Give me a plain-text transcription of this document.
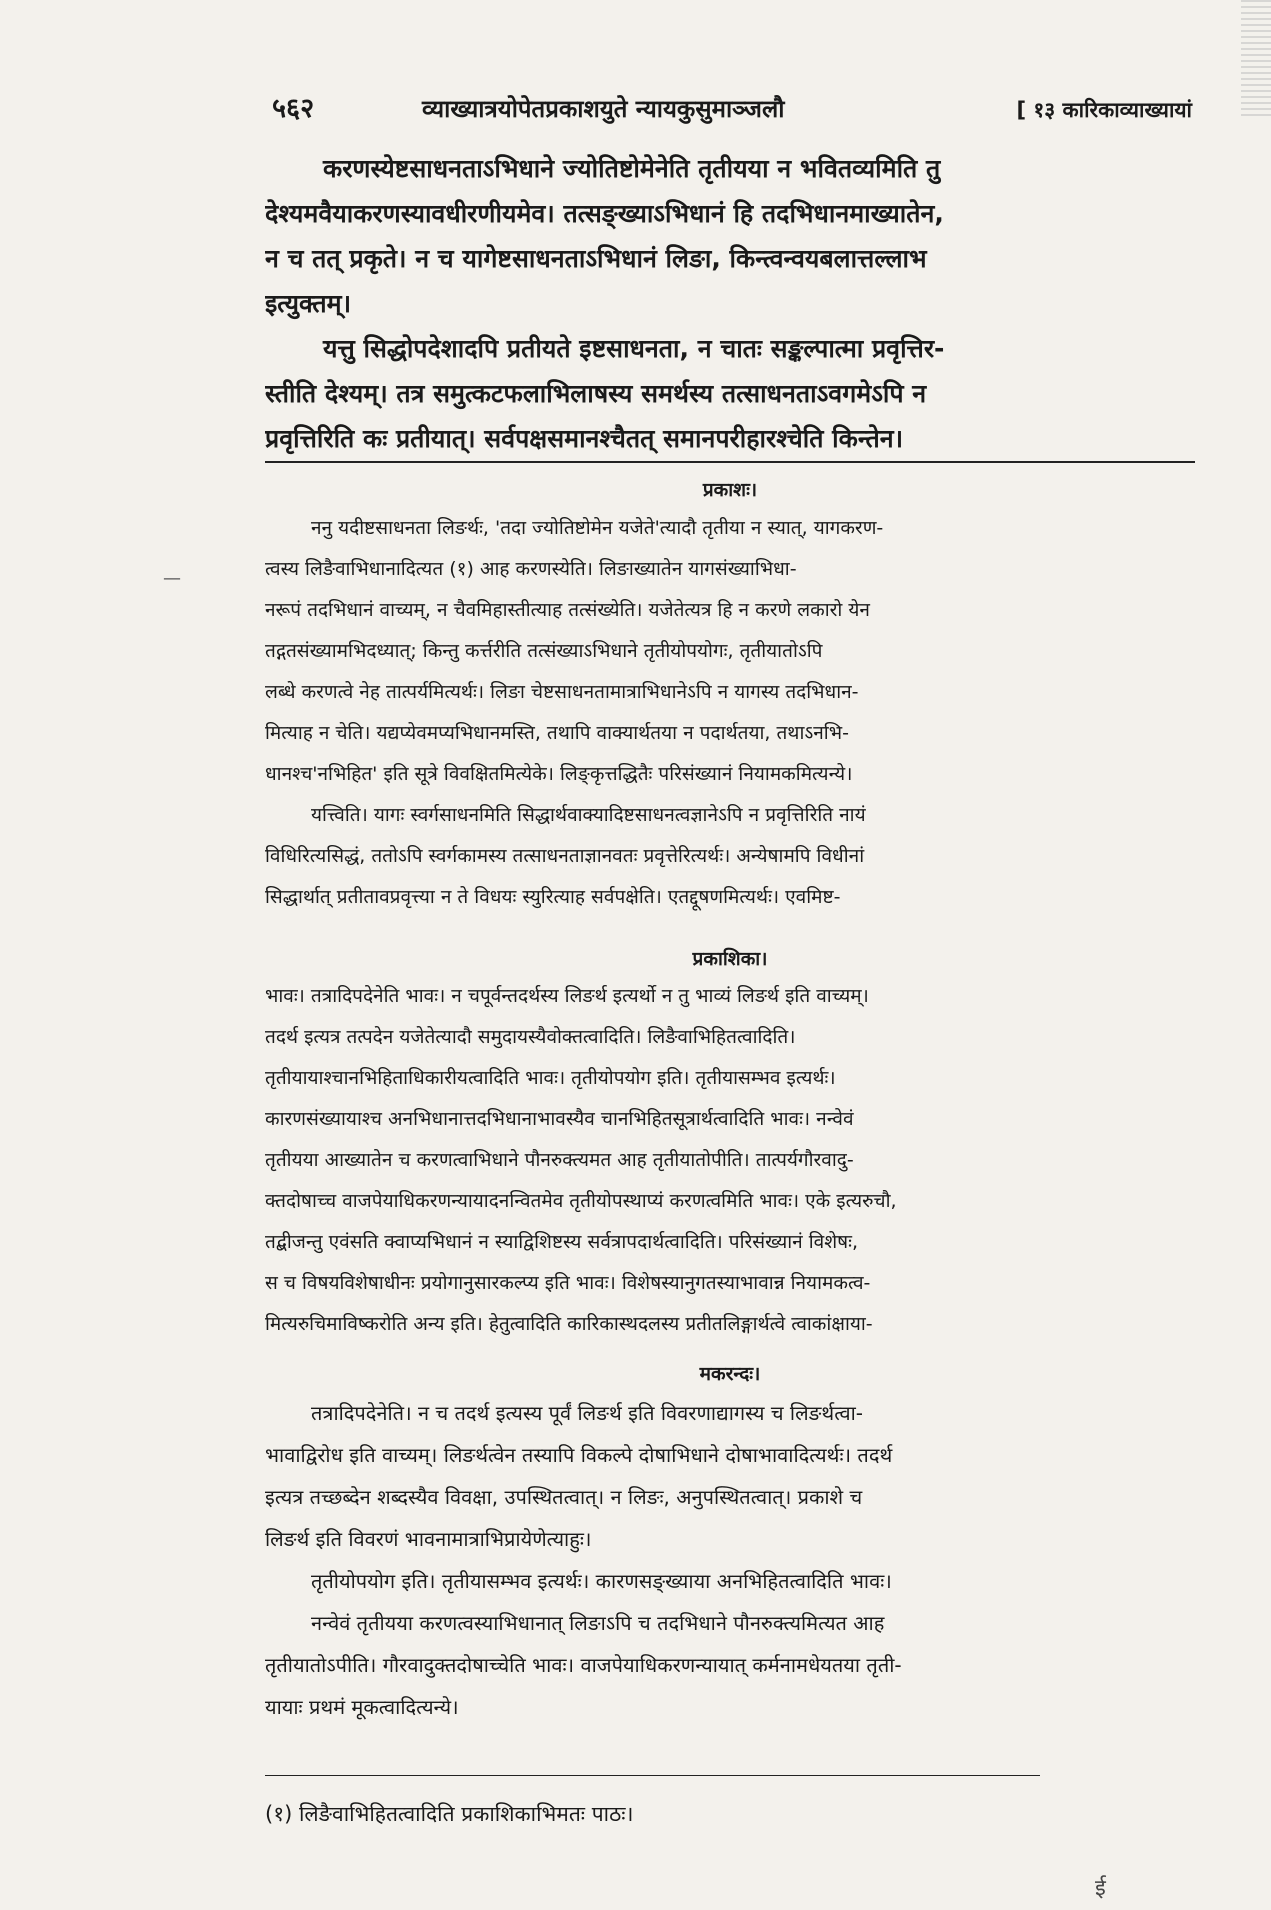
५६२	व्याख्यात्रयोपेतप्रकाशयुते न्यायकुसुमाञ्जलौ	[ १३ कारिकाव्याख्यायां
करणस्येष्टसाधनताऽभिधाने ज्योतिष्टोमेनेति तृतीयया न भवितव्यमिति तु
देश्यमवैयाकरणस्यावधीरणीयमेव। तत्सङ्ख्याऽभिधानं हि तदभिधानमाख्यातेन,
न च तत् प्रकृते। न च यागेष्टसाधनताऽभिधानं लिङा, किन्त्वन्वयबलात्तल्लाभ
इत्युक्तम्।
यत्तु सिद्धोपदेशादपि प्रतीयते इष्टसाधनता, न चातः सङ्कल्पात्मा प्रवृत्तिर-
स्तीति देश्यम्। तत्र समुत्कटफलाभिलाषस्य समर्थस्य तत्साधनताऽवगमेऽपि न
प्रवृत्तिरिति कः प्रतीयात्। सर्वपक्षसमानश्चैतत् समानपरीहारश्चेति किन्तेन।
प्रकाशः।
ननु यदीष्टसाधनता लिङर्थः, 'तदा ज्योतिष्टोमेन यजेते'त्यादौ तृतीया न स्यात्, यागकरण-
त्वस्य लिङैवाभिधानादित्यत (१) आह करणस्येति। लिङाख्यातेन यागसंख्याभिधा-
नरूपं तदभिधानं वाच्यम्, न चैवमिहास्तीत्याह तत्संख्येति। यजेतेत्यत्र हि न करणे लकारो येन
तद्गतसंख्यामभिदध्यात्; किन्तु कर्त्तरीति तत्संख्याऽभिधाने तृतीयोपयोगः, तृतीयातोऽपि
लब्धे करणत्वे नेह तात्पर्यमित्यर्थः। लिङा चेष्टसाधनतामात्राभिधानेऽपि न यागस्य तदभिधान-
मित्याह न चेति। यद्यप्येवमप्यभिधानमस्ति, तथापि वाक्यार्थतया न पदार्थतया, तथाऽनभि-
धानश्च'नभिहित' इति सूत्रे विवक्षितमित्येके। लिङ्कृत्तद्धितैः परिसंख्यानं नियामकमित्यन्ये।
यत्त्विति। यागः स्वर्गसाधनमिति सिद्धार्थवाक्यादिष्टसाधनत्वज्ञानेऽपि न प्रवृत्तिरिति नायं
विधिरित्यसिद्धं, ततोऽपि स्वर्गकामस्य तत्साधनताज्ञानवतः प्रवृत्तेरित्यर्थः। अन्येषामपि विधीनां
सिद्धार्थात् प्रतीतावप्रवृत्त्या न ते विधयः स्युरित्याह सर्वपक्षेति। एतद्दूषणमित्यर्थः। एवमिष्ट-
प्रकाशिका।
भावः। तत्रादिपदेनेति भावः। न चपूर्वन्तदर्थस्य लिङर्थ इत्यर्थो न तु भाव्यं लिङर्थ इति वाच्यम्।
तदर्थ इत्यत्र तत्पदेन यजेतेत्यादौ समुदायस्यैवोक्तत्वादिति। लिङैवाभिहितत्वादिति।
तृतीयायाश्चानभिहिताधिकारीयत्वादिति भावः। तृतीयोपयोग इति। तृतीयासम्भव इत्यर्थः।
कारणसंख्यायाश्च अनभिधानात्तदभिधानाभावस्यैव चानभिहितसूत्रार्थत्वादिति भावः। नन्वेवं
तृतीयया आख्यातेन च करणत्वाभिधाने पौनरुक्त्यमत आह तृतीयातोपीति। तात्पर्यगौरवादु-
क्तदोषाच्च वाजपेयाधिकरणन्यायादनन्वितमेव तृतीयोपस्थाप्यं करणत्वमिति भावः। एके इत्यरुचौ,
तद्बीजन्तु एवंसति क्वाप्यभिधानं न स्याद्विशिष्टस्य सर्वत्रापदार्थत्वादिति। परिसंख्यानं विशेषः,
स च विषयविशेषाधीनः प्रयोगानुसारकल्प्य इति भावः। विशेषस्यानुगतस्याभावान्न नियामकत्व-
मित्यरुचिमाविष्करोति अन्य इति। हेतुत्वादिति कारिकास्थदलस्य प्रतीतलिङ्गार्थत्वे त्वाकांक्षाया-
मकरन्दः।
तत्रादिपदेनेति। न च तदर्थ इत्यस्य पूर्वं लिङर्थ इति विवरणाद्यागस्य च लिङर्थत्वा-
भावाद्विरोध इति वाच्यम्। लिङर्थत्वेन तस्यापि विकल्पे दोषाभिधाने दोषाभावादित्यर्थः। तदर्थ
इत्यत्र तच्छब्देन शब्दस्यैव विवक्षा, उपस्थितत्वात्। न लिङः, अनुपस्थितत्वात्। प्रकाशे च
लिङर्थ इति विवरणं भावनामात्राभिप्रायेणेत्याहुः।
तृतीयोपयोग इति। तृतीयासम्भव इत्यर्थः। कारणसङ्ख्याया अनभिहितत्वादिति भावः।
नन्वेवं तृतीयया करणत्वस्याभिधानात् लिङाऽपि च तदभिधाने पौनरुक्त्यमित्यत आह
तृतीयातोऽपीति। गौरवादुक्तदोषाच्चेति भावः। वाजपेयाधिकरणन्यायात् कर्मनामधेयतया तृती-
यायाः प्रथमं मूकत्वादित्यन्ये।
(१) लिङैवाभिहितत्वादिति प्रकाशिकाभिमतः पाठः।
ई
—
